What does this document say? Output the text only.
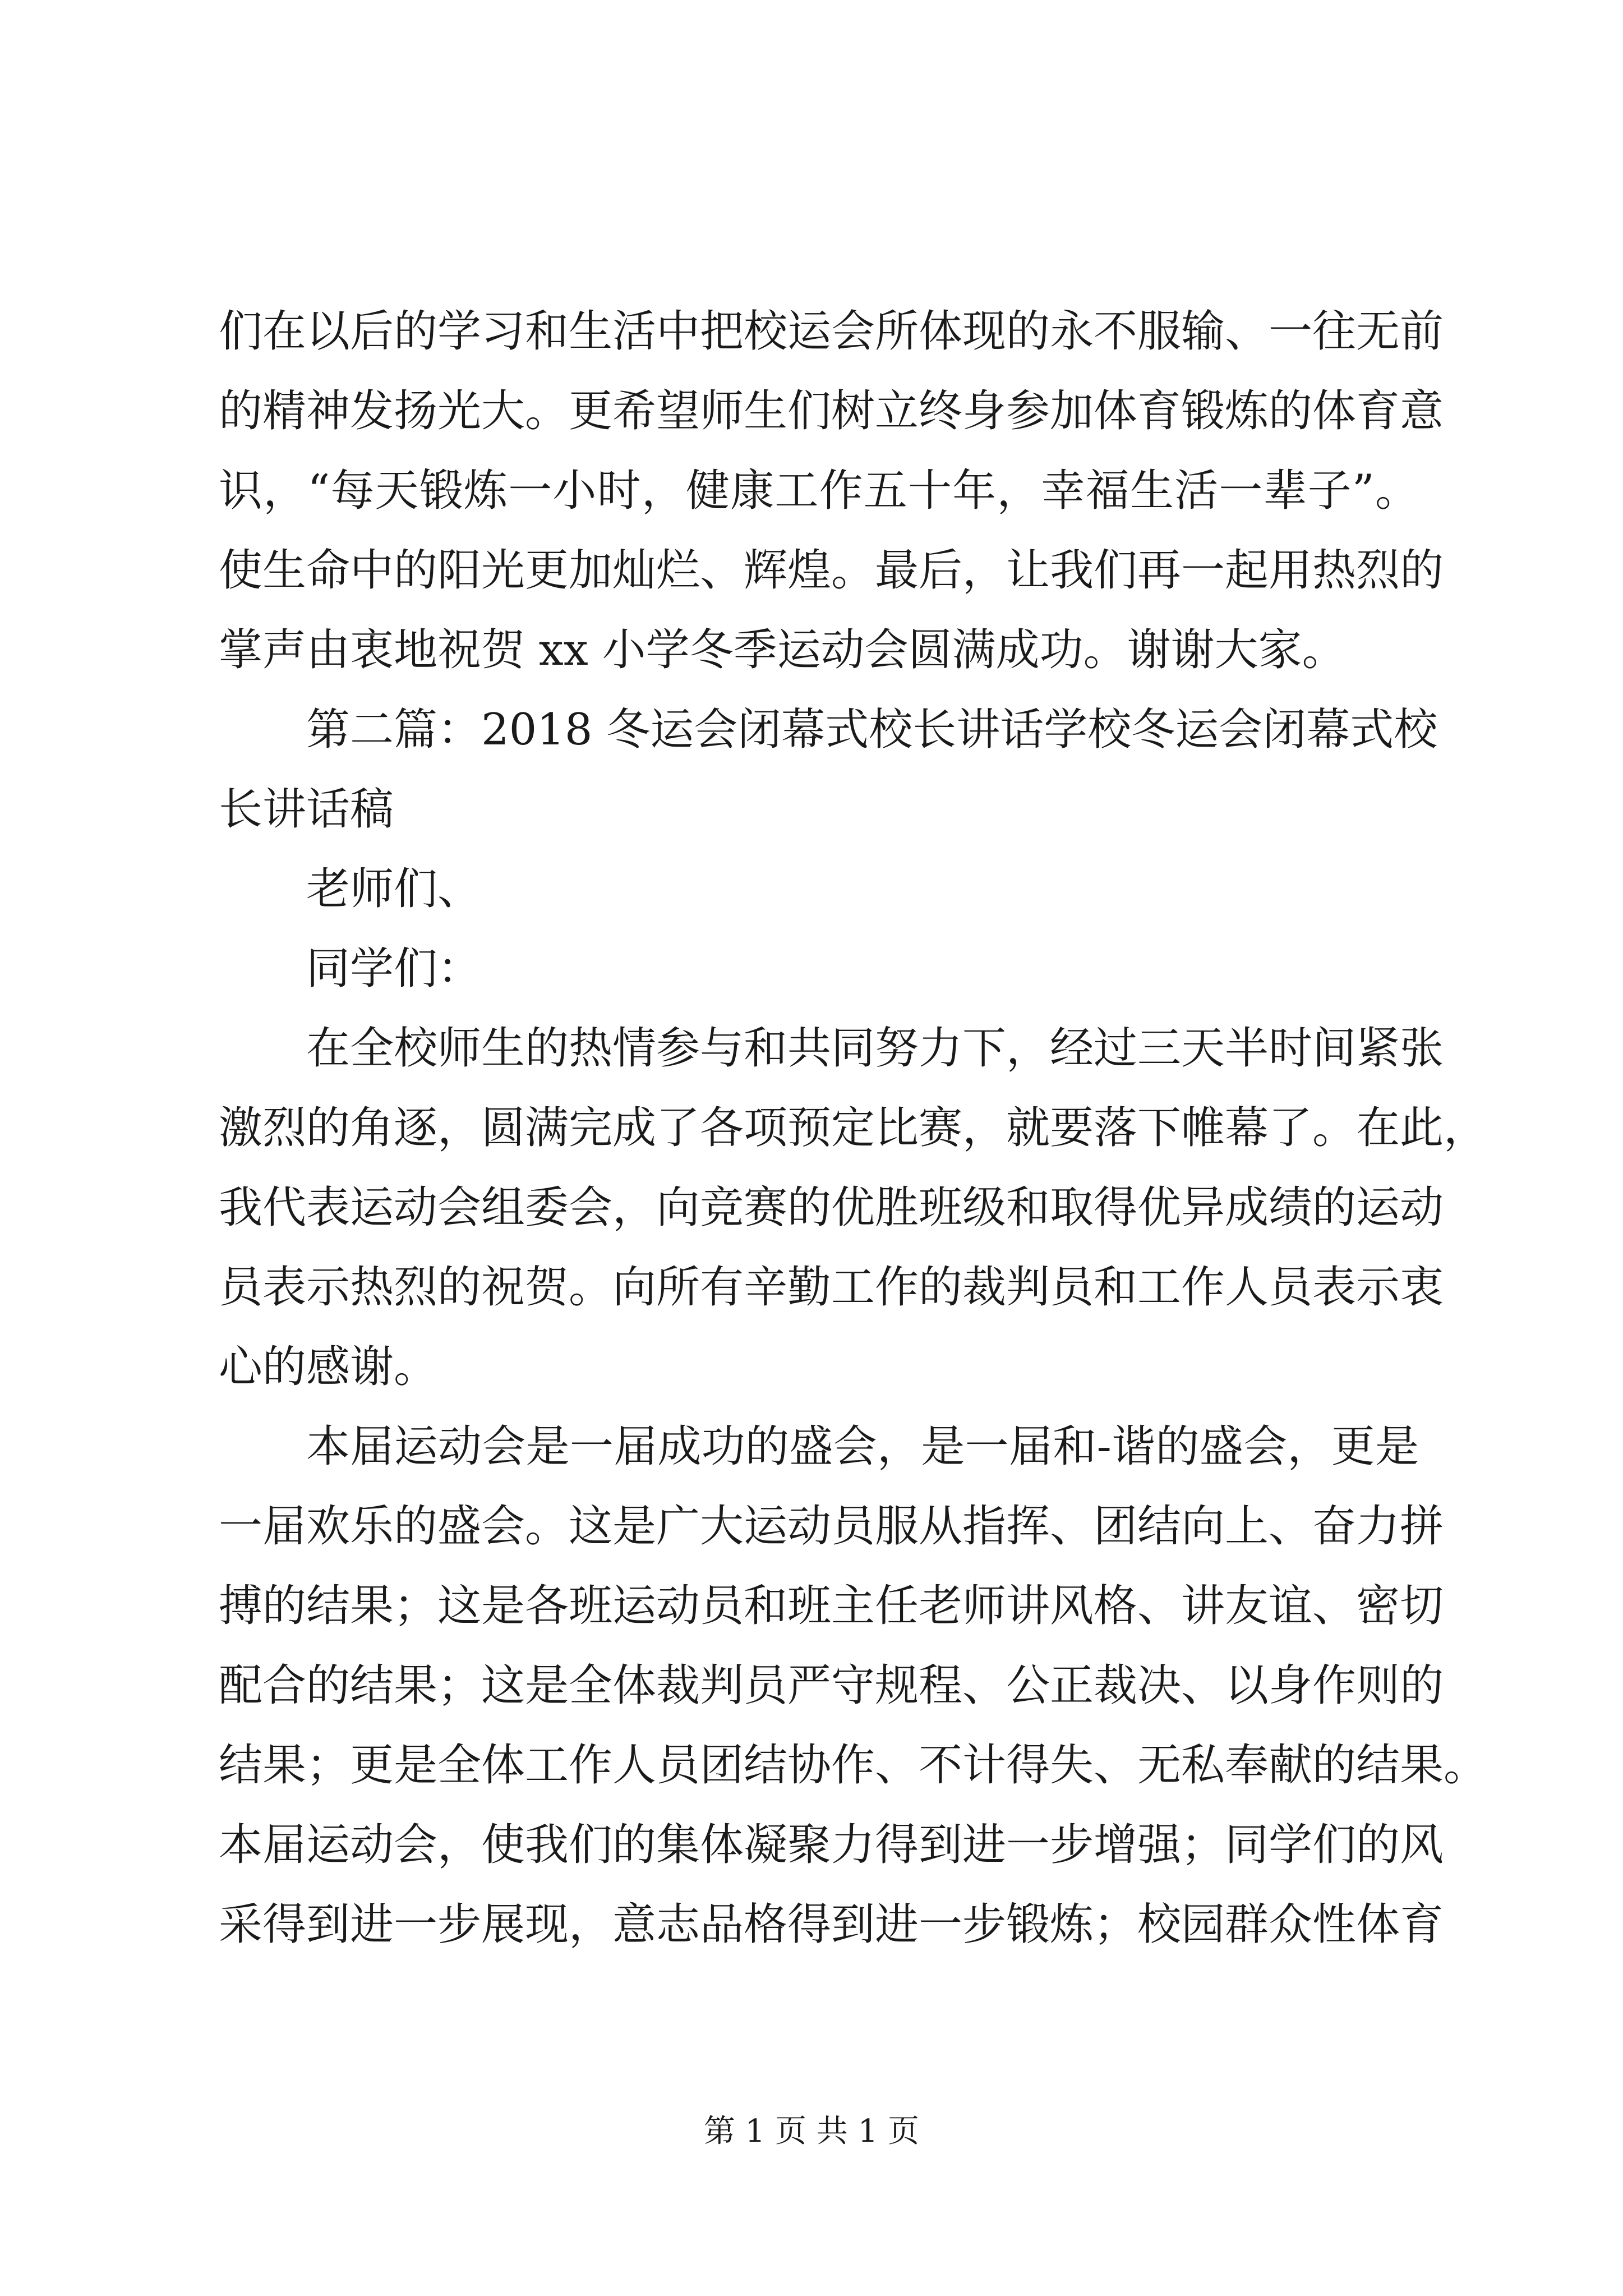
们在以后的学习和生活中把校运会所体现的永不服输、一往无前
的精神发扬光大。更希望师生们树立终身参加体育锻炼的体育意
识，“每天锻炼一小时，健康工作五十年，幸福生活一辈子”。
使生命中的阳光更加灿烂、辉煌。最后，让我们再一起用热烈的
掌声由衷地祝贺 xx 小学冬季运动会圆满成功。谢谢大家。
第二篇：2018 冬运会闭幕式校长讲话学校冬运会闭幕式校
长讲话稿
老师们、
同学们：
在全校师生的热情参与和共同努力下，经过三天半时间紧张
激烈的角逐，圆满完成了各项预定比赛，就要落下帷幕了。在此，
我代表运动会组委会，向竞赛的优胜班级和取得优异成绩的运动
员表示热烈的祝贺。向所有辛勤工作的裁判员和工作人员表示衷
心的感谢。
本届运动会是一届成功的盛会，是一届和-谐的盛会，更是
一届欢乐的盛会。这是广大运动员服从指挥、团结向上、奋力拼
搏的结果；这是各班运动员和班主任老师讲风格、讲友谊、密切
配合的结果；这是全体裁判员严守规程、公正裁决、以身作则的
结果；更是全体工作人员团结协作、不计得失、无私奉献的结果。
本届运动会，使我们的集体凝聚力得到进一步增强；同学们的风
采得到进一步展现，意志品格得到进一步锻炼；校园群众性体育
第 1 页 共 1 页
